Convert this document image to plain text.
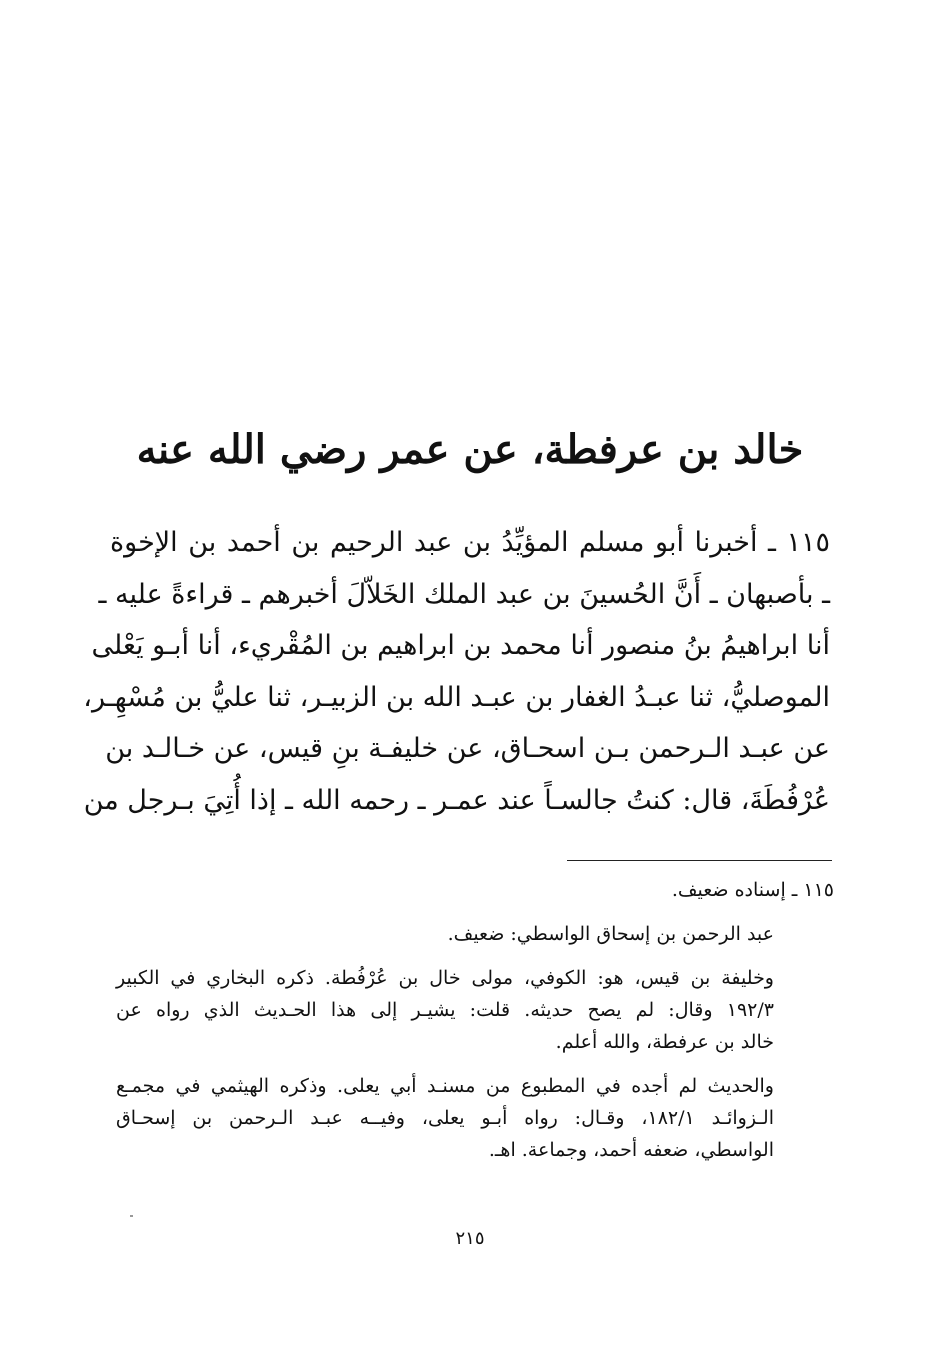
خالد بن عرفطة، عن عمر رضي الله عنه

١١٥ ـ أخبرنا أبو مسلم المؤيِّدُ بن عبد الرحيم بن أحمد بن الإخوة
ـ بأصبهان ـ أَنَّ الحُسينَ بن عبد الملك الخَلاّلَ أخبرهم ـ قراءةً عليه ـ
أنا ابراهيمُ بنُ منصور أنا محمد بن ابراهيم بن المُقْريء، أنا أبـو يَعْلى
الموصليُّ، ثنا عبـدُ الغفار بن عبـد الله بن الزبيـر، ثنا عليُّ بن مُسْهِـر،
عن عبـد الـرحمن بـن اسحـاق، عن خليفـة بنِ قيس، عن خـالـد بن
عُرْفُطَةَ، قال: كنتُ جالسـاً عند عمـر ـ رحمه الله ـ إذا أُتِيَ بـرجل من

١١٥ ـ إسناده ضعيف.
عبد الرحمن بن إسحاق الواسطي: ضعيف.
وخليفة بن قيس، هو: الكوفي، مولى خال بن عُرْفُطة. ذكره البخاري في الكبير
١٩٢/٣ وقال: لم يصح حديثه. قلت: يشيـر إلى هذا الحـديث الذي رواه عن
خالد بن عرفطة، والله أعلم.
والحديث لم أجده في المطبوع من مسنـد أبي يعلى. وذكره الهيثمي في مجمـع
الـزوائـد ١٨٢/١، وقـال: رواه أبـو يعلى، وفيــه عبـد الـرحمن بن إسحـاق
الواسطي، ضعفه أحمد، وجماعة. اهـ.
٢١٥
